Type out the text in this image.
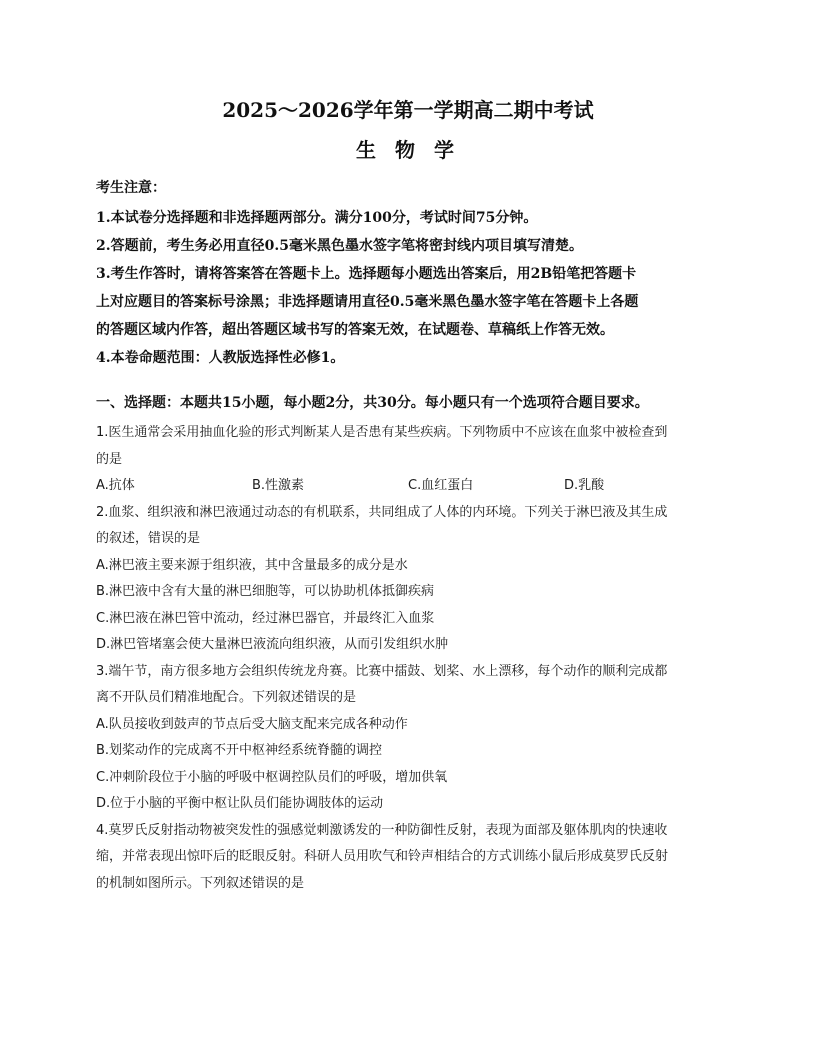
2025～2026学年第一学期高二期中考试
生 物 学
考生注意：
1.本试卷分选择题和非选择题两部分。满分100分，考试时间75分钟。
2.答题前，考生务必用直径0.5毫米黑色墨水签字笔将密封线内项目填写清楚。
3.考生作答时，请将答案答在答题卡上。选择题每小题选出答案后，用2B铅笔把答题卡
上对应题目的答案标号涂黑；非选择题请用直径0.5毫米黑色墨水签字笔在答题卡上各题
的答题区域内作答，超出答题区域书写的答案无效，在试题卷、草稿纸上作答无效。
4.本卷命题范围：人教版选择性必修1。
一、选择题：本题共15小题，每小题2分，共30分。每小题只有一个选项符合题目要求。
1.医生通常会采用抽血化验的形式判断某人是否患有某些疾病。下列物质中不应该在血浆中被检查到
的是
A.抗体	B.性激素	C.血红蛋白	D.乳酸
2.血浆、组织液和淋巴液通过动态的有机联系，共同组成了人体的内环境。下列关于淋巴液及其生成
的叙述，错误的是
A.淋巴液主要来源于组织液，其中含量最多的成分是水
B.淋巴液中含有大量的淋巴细胞等，可以协助机体抵御疾病
C.淋巴液在淋巴管中流动，经过淋巴器官，并最终汇入血浆
D.淋巴管堵塞会使大量淋巴液流向组织液，从而引发组织水肿
3.端午节，南方很多地方会组织传统龙舟赛。比赛中擂鼓、划桨、水上漂移，每个动作的顺利完成都
离不开队员们精准地配合。下列叙述错误的是
A.队员接收到鼓声的节点后受大脑支配来完成各种动作
B.划桨动作的完成离不开中枢神经系统脊髓的调控
C.冲刺阶段位于小脑的呼吸中枢调控队员们的呼吸，增加供氧
D.位于小脑的平衡中枢让队员们能协调肢体的运动
4.莫罗氏反射指动物被突发性的强感觉刺激诱发的一种防御性反射，表现为面部及躯体肌肉的快速收
缩，并常表现出惊吓后的眨眼反射。科研人员用吹气和铃声相结合的方式训练小鼠后形成莫罗氏反射
的机制如图所示。下列叙述错误的是
